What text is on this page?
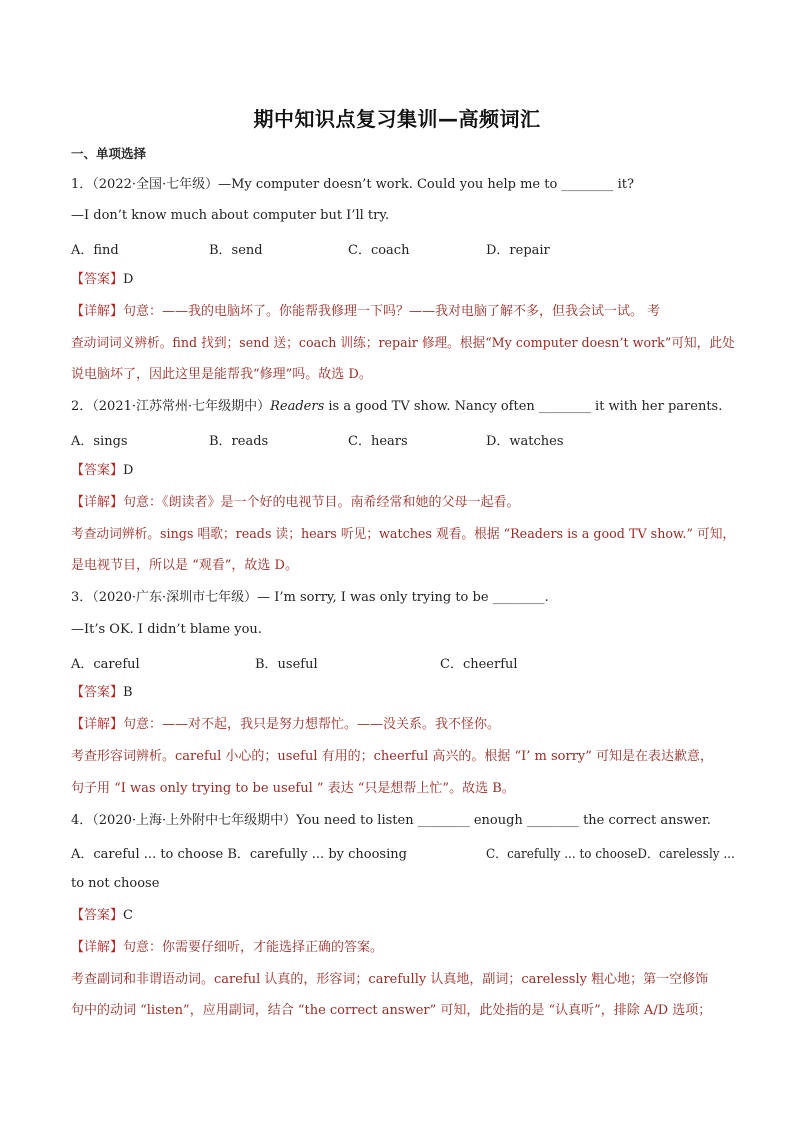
期中知识点复习集训—高频词汇
一、单项选择
1．（2022·全国·七年级）—My computer doesn’t work. Could you help me to ________ it?
—I don’t know much about computer but I’ll try.
A．find	B．send	C．coach	D．repair
【答案】D
【详解】句意：——我的电脑坏了。你能帮我修理一下吗？——我对电脑了解不多，但我会试一试。 考
查动词词义辨析。find 找到；send 送；coach 训练；repair 修理。根据“My computer doesn’t work”可知，此处
说电脑坏了，因此这里是能帮我“修理”吗。故选 D。
2．（2021·江苏常州·七年级期中）Readers is a good TV show. Nancy often ________ it with her parents.
A．sings	B．reads	C．hears	D．watches
【答案】D
【详解】句意：《朗读者》是一个好的电视节目。南希经常和她的父母一起看。
考查动词辨析。sings 唱歌；reads 读；hears 听见；watches 观看。根据 “Readers is a good TV show.” 可知，
是电视节目，所以是 “观看”，故选 D。
3．（2020·广东·深圳市七年级）— I’m sorry, I was only trying to be ________.
—It’s OK. I didn’t blame you.
A．careful	B．useful	C．cheerful
【答案】B
【详解】句意：——对不起，我只是努力想帮忙。——没关系。我不怪你。
考查形容词辨析。careful 小心的；useful 有用的；cheerful 高兴的。根据 “I’ m sorry” 可知是在表达歉意，
句子用 “I was only trying to be useful ” 表达 “只是想帮上忙”。故选 B。
4．（2020·上海·上外附中七年级期中）You need to listen ________ enough ________ the correct answer.
A．careful ... to choose B．carefully ... by choosing	C．carefully ... to chooseD．carelessly ...
to not choose
【答案】C
【详解】句意：你需要仔细听，才能选择正确的答案。
考查副词和非谓语动词。careful 认真的，形容词；carefully 认真地，副词；carelessly 粗心地；第一空修饰
句中的动词 “listen”，应用副词，结合 “the correct answer” 可知，此处指的是 “认真听”，排除 A/D 选项；
